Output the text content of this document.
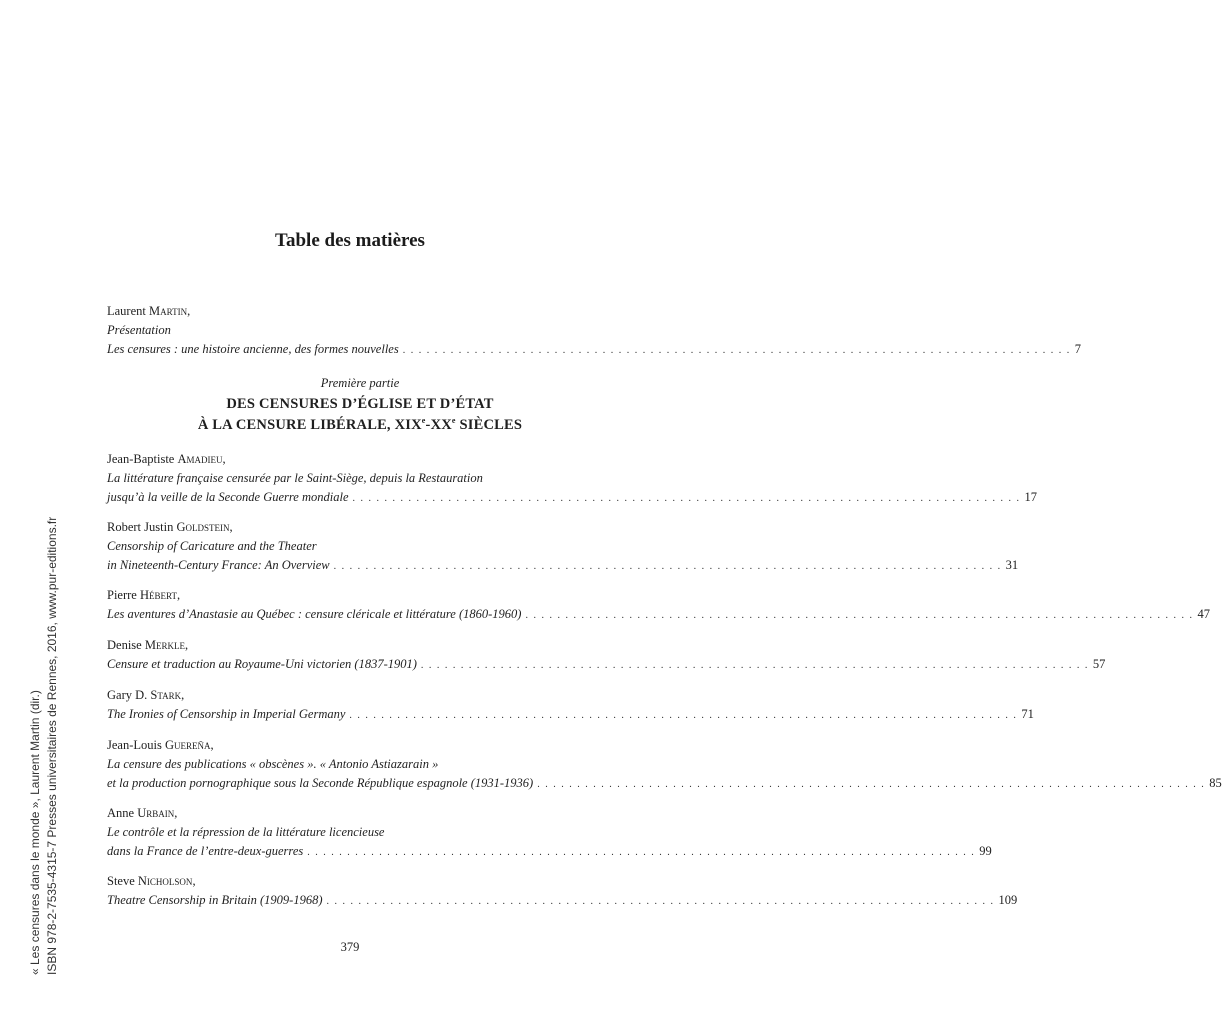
Table des matières
Laurent Martin,
Présentation
Les censures : une histoire ancienne, des formes nouvelles . . . . . . . . . . . . . . . . . . . . . . . . . . . . . . . . . . . . . . . . . . . . . . . . . . . . . . . . . . . . . . . . . . . . . . . . . . . . . . . . . . . . 7
Première partie
DES CENSURES D’ÉGLISE ET D’ÉTAT
À LA CENSURE LIBÉRALE, XIXe-XXe SIÈCLES
Jean-Baptiste Amadieu,
La littérature française censurée par le Saint-Siège, depuis la Restauration
jusqu’à la veille de la Seconde Guerre mondiale . . . . . . . . . . . . . . . . . . . . . . . . . . . . . . . . . . . . . . . . . . . . . . . . . . . . . . . . . . . . . . . . . . . . . . . . . . . . . . . . . . . . 17
Robert Justin Goldstein,
Censorship of Caricature and the Theater
in Nineteenth-Century France: An Overview . . . . . . . . . . . . . . . . . . . . . . . . . . . . . . . . . . . . . . . . . . . . . . . . . . . . . . . . . . . . . . . . . . . . . . . . . . . . . . . . . . . . 31
Pierre Hébert,
Les aventures d’Anastasie au Québec : censure cléricale et littérature (1860-1960) . . . . . . . . . . . . . . . . . . . . . . . . . . . . . . . . . . . . . . . . . . . . . . . . . . . . . . . . . . . . . . . . . . . . . . . . . . . . . . . . . . . . 47
Denise Merkle,
Censure et traduction au Royaume-Uni victorien (1837-1901) . . . . . . . . . . . . . . . . . . . . . . . . . . . . . . . . . . . . . . . . . . . . . . . . . . . . . . . . . . . . . . . . . . . . . . . . . . . . . . . . . . . . 57
Gary D. Stark,
The Ironies of Censorship in Imperial Germany . . . . . . . . . . . . . . . . . . . . . . . . . . . . . . . . . . . . . . . . . . . . . . . . . . . . . . . . . . . . . . . . . . . . . . . . . . . . . . . . . . . . 71
Jean-Louis Guereña,
La censure des publications « obscènes ». « Antonio Astiazarain »
et la production pornographique sous la Seconde République espagnole (1931-1936) . . . . . . . . . . . . . . . . . . . . . . . . . . . . . . . . . . . . . . . . . . . . . . . . . . . . . . . . . . . . . . . . . . . . . . . . . . . . . . . . . . . . 85
Anne Urbain,
Le contrôle et la répression de la littérature licencieuse
dans la France de l’entre-deux-guerres . . . . . . . . . . . . . . . . . . . . . . . . . . . . . . . . . . . . . . . . . . . . . . . . . . . . . . . . . . . . . . . . . . . . . . . . . . . . . . . . . . . . 99
Steve Nicholson,
Theatre Censorship in Britain (1909-1968) . . . . . . . . . . . . . . . . . . . . . . . . . . . . . . . . . . . . . . . . . . . . . . . . . . . . . . . . . . . . . . . . . . . . . . . . . . . . . . . . . . . . 109
379
« Les censures dans le monde », Laurent Martin (dir.) ISBN 978-2-7535-4315-7 Presses universitaires de Rennes, 2016, www.pur-editions.fr
